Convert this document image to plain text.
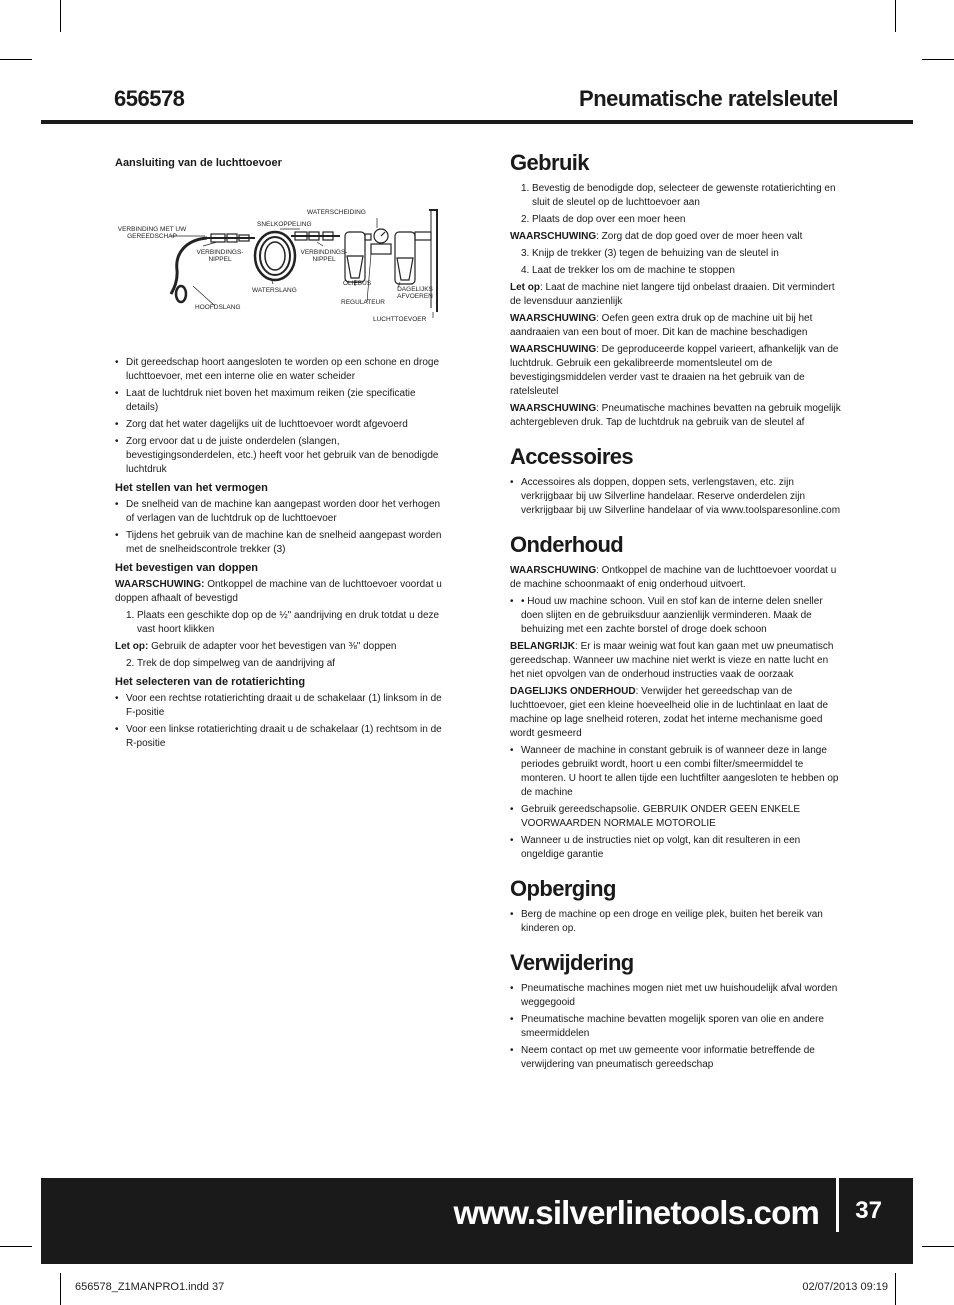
656578	Pneumatische ratelsleutel
Aansluiting van de luchttoevoer
VERBINDING MET UW GEREEDSCHAP
SNELKOPPELING
WATERSCHEIDING
VERBINDINGS- NIPPEL
VERBINDINGS- NIPPEL
WATERSLANG
OLIEBUS
DAGELIJKS AFVOEREN
HOOFDSLANG
REGULATEUR
LUCHTTOEVOER
• Dit gereedschap hoort aangesloten te worden op een schone en droge luchttoevoer, met een interne olie en water scheider
• Laat de luchtdruk niet boven het maximum reiken (zie specificatie details)
• Zorg dat het water dagelijks uit de luchttoevoer wordt afgevoerd
• Zorg ervoor dat u de juiste onderdelen (slangen, bevestigingsonderdelen, etc.) heeft voor het gebruik van de benodigde luchtdruk
Het stellen van het vermogen
• De snelheid van de machine kan aangepast worden door het verhogen of verlagen van de luchtdruk op de luchttoevoer
• Tijdens het gebruik van de machine kan de snelheid aangepast worden met de snelheidscontrole trekker (3)
Het bevestigen van doppen

WAARSCHUWING: Ontkoppel de machine van de luchttoevoer voordat u doppen afhaalt of bevestigd

1. Plaats een geschikte dop op de ½" aandrijving en druk totdat u deze vast hoort klikken

Let op: Gebruik de adapter voor het bevestigen van ⅜" doppen

2. Trek de dop simpelweg van de aandrijving af
Het selecteren van de rotatierichting
• Voor een rechtse rotatierichting draait u de schakelaar (1) linksom in de F-positie
• Voor een linkse rotatierichting draait u de schakelaar (1) rechtsom in de R-positie
Gebruik
1. Bevestig de benodigde dop, selecteer de gewenste rotatierichting en sluit de sleutel op de luchttoevoer aan
2. Plaats de dop over een moer heen

WAARSCHUWING: Zorg dat de dop goed over de moer heen valt

3. Knijp de trekker (3) tegen de behuizing van de sleutel in
4. Laat de trekker los om de machine te stoppen

Let op: Laat de machine niet langere tijd onbelast draaien. Dit vermindert de levensduur aanzienlijk

WAARSCHUWING: Oefen geen extra druk op de machine uit bij het aandraaien van een bout of moer. Dit kan de machine beschadigen

WAARSCHUWING: De geproduceerde koppel varieert, afhankelijk van de luchtdruk. Gebruik een gekalibreerde momentsleutel om de bevestigingsmiddelen verder vast te draaien na het gebruik van de ratelsleutel

WAARSCHUWING: Pneumatische machines bevatten na gebruik mogelijk achtergebleven druk. Tap de luchtdruk na gebruik van de sleutel af

Accessoires
• Accessoires als doppen, doppen sets, verlengstaven, etc. zijn verkrijgbaar bij uw Silverline handelaar. Reserve onderdelen zijn verkrijgbaar bij uw Silverline handelaar of via www.toolsparesonline.com
Onderhoud

WAARSCHUWING: Ontkoppel de machine van de luchttoevoer voordat u de machine schoonmaakt of enig onderhoud uitvoert.

• • Houd uw machine schoon. Vuil en stof kan de interne delen sneller doen slijten en de gebruiksduur aanzienlijk verminderen. Maak de behuizing met een zachte borstel of droge doek schoon

BELANGRIJK: Er is maar weinig wat fout kan gaan met uw pneumatisch gereedschap. Wanneer uw machine niet werkt is vieze en natte lucht en het niet opvolgen van de onderhoud instructies vaak de oorzaak

DAGELIJKS ONDERHOUD: Verwijder het gereedschap van de luchttoevoer, giet een kleine hoeveelheid olie in de luchtinlaat en laat de machine op lage snelheid roteren, zodat het interne mechanisme goed wordt gesmeerd

• Wanneer de machine in constant gebruik is of wanneer deze in lange periodes gebruikt wordt, hoort u een combi filter/smeermiddel te monteren. U hoort te allen tijde een luchtfilter aangesloten te hebben op de machine
• Gebruik gereedschapsolie. GEBRUIK ONDER GEEN ENKELE VOORWAARDEN NORMALE MOTOROLIE
• Wanneer u de instructies niet op volgt, kan dit resulteren in een ongeldige garantie
Opberging
• Berg de machine op een droge en veilige plek, buiten het bereik van kinderen op.
Verwijdering
• Pneumatische machines mogen niet met uw huishoudelijk afval worden weggegooid
• Pneumatische machine bevatten mogelijk sporen van olie en andere smeermiddelen
• Neem contact op met uw gemeente voor informatie betreffende de verwijdering van pneumatisch gereedschap
www.silverlinetools.com 37
656578_Z1MANPRO1.indd 37	02/07/2013 09:19
